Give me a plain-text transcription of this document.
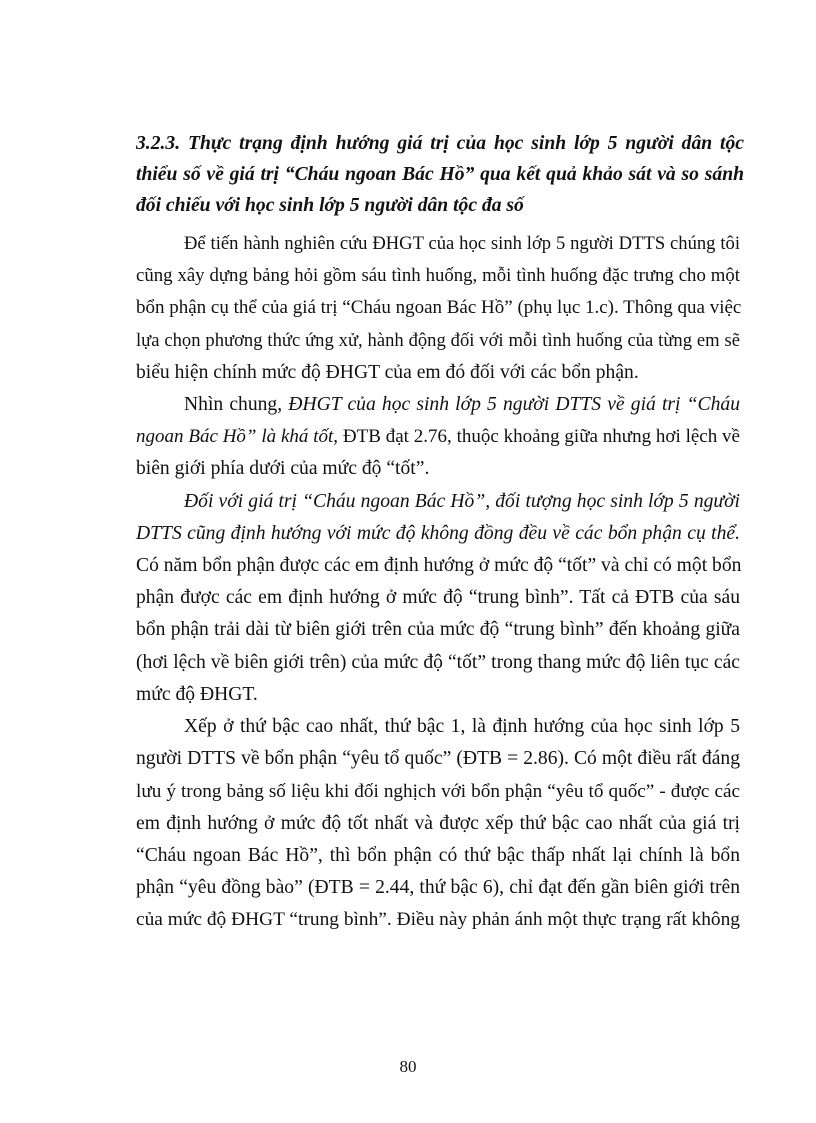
3.2.3. Thực trạng định hướng giá trị của học sinh lớp 5 người dân tộc thiểu số về giá trị “Cháu ngoan Bác Hồ” qua kết quả khảo sát và so sánh đối chiếu với học sinh lớp 5 người dân tộc đa số

Để tiến hành nghiên cứu ĐHGT của học sinh lớp 5 người DTTS chúng tôi
cũng xây dựng bảng hỏi gồm sáu tình huống, mỗi tình huống đặc trưng cho một
bổn phận cụ thể của giá trị “Cháu ngoan Bác Hồ” (phụ lục 1.c). Thông qua việc
lựa chọn phương thức ứng xử, hành động đối với mỗi tình huống của từng em sẽ
biểu hiện chính mức độ ĐHGT của em đó đối với các bổn phận.
Nhìn chung, ĐHGT của học sinh lớp 5 người DTTS về giá trị “Cháu
ngoan Bác Hồ” là khá tốt, ĐTB đạt 2.76, thuộc khoảng giữa nhưng hơi lệch về
biên giới phía dưới của mức độ “tốt”.
Đối với giá trị “Cháu ngoan Bác Hồ”, đối tượng học sinh lớp 5 người
DTTS cũng định hướng với mức độ không đồng đều về các bổn phận cụ thể.
Có năm bổn phận được các em định hướng ở mức độ “tốt” và chỉ có một bổn
phận được các em định hướng ở mức độ “trung bình”. Tất cả ĐTB của sáu
bổn phận trải dài từ biên giới trên của mức độ “trung bình” đến khoảng giữa
(hơi lệch về biên giới trên) của mức độ “tốt” trong thang mức độ liên tục các
mức độ ĐHGT.
Xếp ở thứ bậc cao nhất, thứ bậc 1, là định hướng của học sinh lớp 5
người DTTS về bổn phận “yêu tổ quốc” (ĐTB = 2.86). Có một điều rất đáng
lưu ý trong bảng số liệu khi đối nghịch với bổn phận “yêu tổ quốc” - được các
em định hướng ở mức độ tốt nhất và được xếp thứ bậc cao nhất của giá trị
“Cháu ngoan Bác Hồ”, thì bổn phận có thứ bậc thấp nhất lại chính là bổn
phận “yêu đồng bào” (ĐTB = 2.44, thứ bậc 6), chỉ đạt đến gần biên giới trên
của mức độ ĐHGT “trung bình”. Điều này phản ánh một thực trạng rất không
80
